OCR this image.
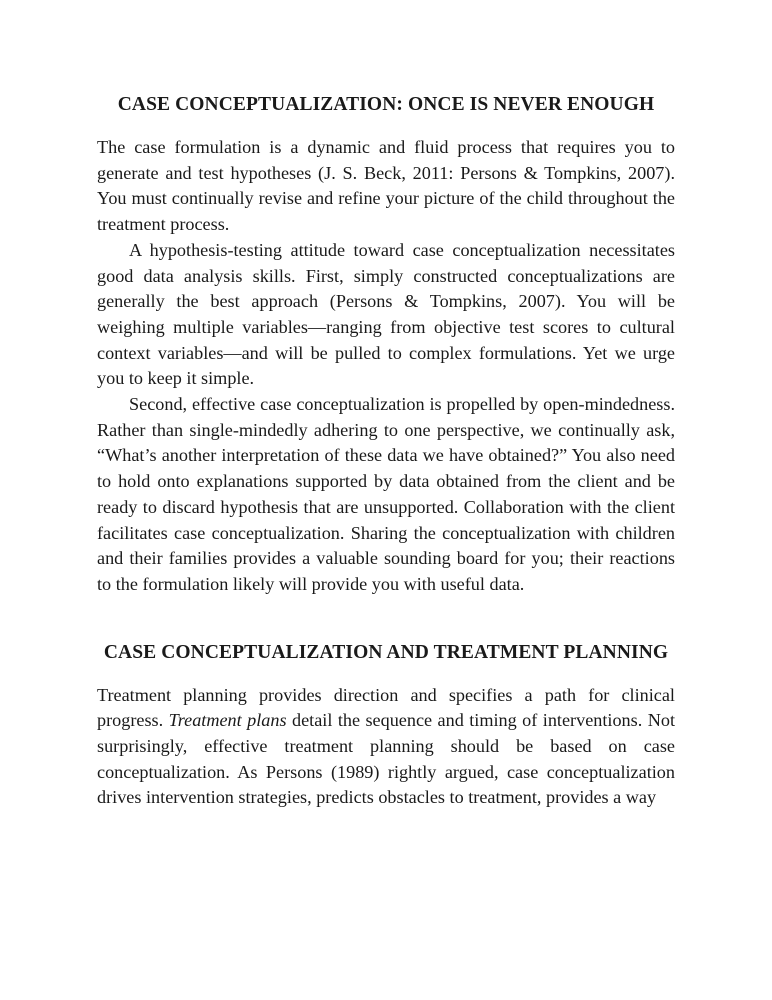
CASE CONCEPTUALIZATION: ONCE IS NEVER ENOUGH

The case formulation is a dynamic and fluid process that requires you to generate and test hypotheses (J. S. Beck, 2011: Persons & Tompkins, 2007). You must continually revise and refine your picture of the child throughout the treatment process.

A hypothesis-testing attitude toward case conceptualization necessitates good data analysis skills. First, simply constructed conceptualizations are generally the best approach (Persons & Tompkins, 2007). You will be weighing multiple variables—ranging from objective test scores to cultural context variables—and will be pulled to complex formulations. Yet we urge you to keep it simple.

Second, effective case conceptualization is propelled by open-mindedness. Rather than single-mindedly adhering to one perspective, we continually ask, “What’s another interpretation of these data we have obtained?” You also need to hold onto explanations supported by data obtained from the client and be ready to discard hypothesis that are unsupported. Collaboration with the client facilitates case conceptualization. Sharing the conceptualization with children and their families provides a valuable sounding board for you; their reactions to the formulation likely will provide you with useful data.

CASE CONCEPTUALIZATION AND TREATMENT PLANNING

Treatment planning provides direction and specifies a path for clinical progress. Treatment plans detail the sequence and timing of interventions. Not surprisingly, effective treatment planning should be based on case conceptualization. As Persons (1989) rightly argued, case conceptualization drives intervention strategies, predicts obstacles to treatment, provides a way
